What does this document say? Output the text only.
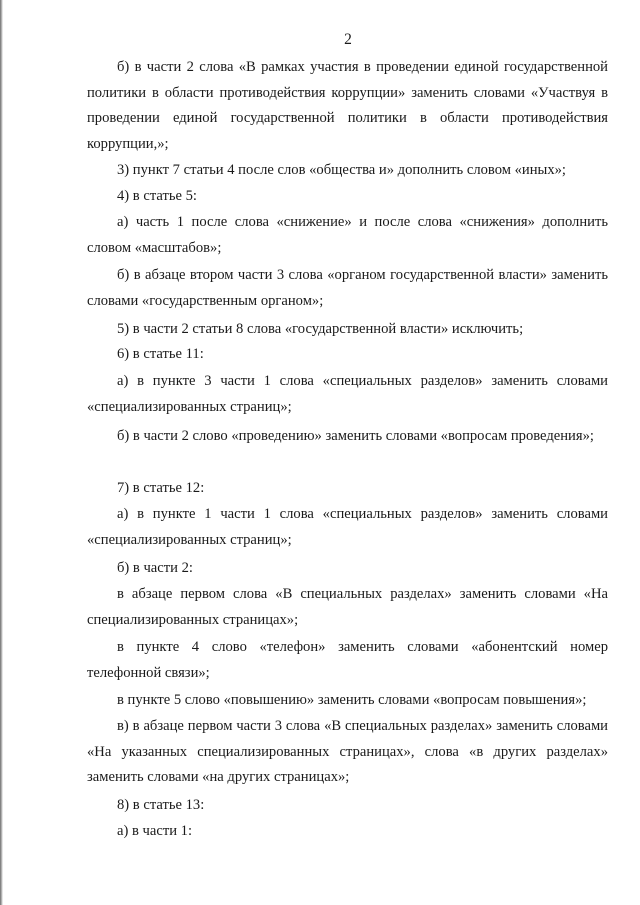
2

б) в части 2 слова «В рамках участия в проведении единой государственной политики в области противодействия коррупции» заменить словами «Участвуя в проведении единой государственной политики в области противодействия коррупции,»;

3) пункт 7 статьи 4 после слов «общества и» дополнить словом «иных»;

4) в статье 5:

а) часть 1 после слова «снижение» и после слова «снижения» дополнить словом «масштабов»;

б) в абзаце втором части 3 слова «органом государственной власти» заменить словами «государственным органом»;

5) в части 2 статьи 8 слова «государственной власти» исключить;

6) в статье 11:

а) в пункте 3 части 1 слова «специальных разделов» заменить словами «специализированных страниц»;

б) в части 2 слово «проведению» заменить словами «вопросам проведения»;

7) в статье 12:

а) в пункте 1 части 1 слова «специальных разделов» заменить словами «специализированных страниц»;

б) в части 2:

в абзаце первом слова «В специальных разделах» заменить словами «На специализированных страницах»;

в пункте 4 слово «телефон» заменить словами «абонентский номер телефонной связи»;

в пункте 5 слово «повышению» заменить словами «вопросам повышения»;

в) в абзаце первом части 3 слова «В специальных разделах» заменить словами «На указанных специализированных страницах», слова «в других разделах» заменить словами «на других страницах»;

8) в статье 13:

а) в части 1:
